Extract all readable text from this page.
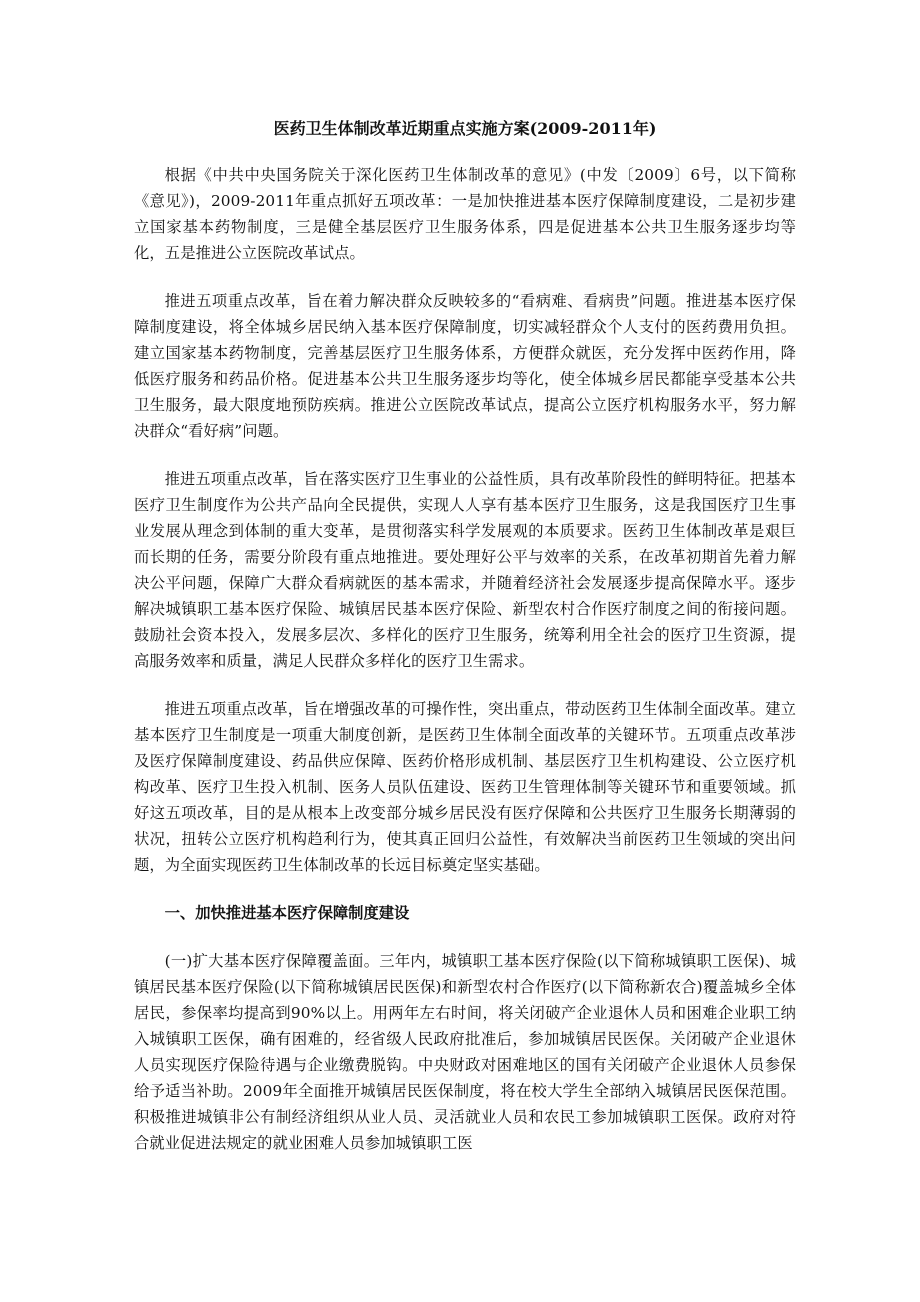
医药卫生体制改革近期重点实施方案(2009-2011年)

根据《中共中央国务院关于深化医药卫生体制改革的意见》(中发〔2009〕6号，以下简称《意见》)，2009-2011年重点抓好五项改革：一是加快推进基本医疗保障制度建设，二是初步建立国家基本药物制度，三是健全基层医疗卫生服务体系，四是促进基本公共卫生服务逐步均等化，五是推进公立医院改革试点。

推进五项重点改革，旨在着力解决群众反映较多的“看病难、看病贵”问题。推进基本医疗保障制度建设，将全体城乡居民纳入基本医疗保障制度，切实减轻群众个人支付的医药费用负担。建立国家基本药物制度，完善基层医疗卫生服务体系，方便群众就医，充分发挥中医药作用，降低医疗服务和药品价格。促进基本公共卫生服务逐步均等化，使全体城乡居民都能享受基本公共卫生服务，最大限度地预防疾病。推进公立医院改革试点，提高公立医疗机构服务水平，努力解决群众“看好病”问题。

推进五项重点改革，旨在落实医疗卫生事业的公益性质，具有改革阶段性的鲜明特征。把基本医疗卫生制度作为公共产品向全民提供，实现人人享有基本医疗卫生服务，这是我国医疗卫生事业发展从理念到体制的重大变革，是贯彻落实科学发展观的本质要求。医药卫生体制改革是艰巨而长期的任务，需要分阶段有重点地推进。要处理好公平与效率的关系，在改革初期首先着力解决公平问题，保障广大群众看病就医的基本需求，并随着经济社会发展逐步提高保障水平。逐步解决城镇职工基本医疗保险、城镇居民基本医疗保险、新型农村合作医疗制度之间的衔接问题。鼓励社会资本投入，发展多层次、多样化的医疗卫生服务，统筹利用全社会的医疗卫生资源，提高服务效率和质量，满足人民群众多样化的医疗卫生需求。

推进五项重点改革，旨在增强改革的可操作性，突出重点，带动医药卫生体制全面改革。建立基本医疗卫生制度是一项重大制度创新，是医药卫生体制全面改革的关键环节。五项重点改革涉及医疗保障制度建设、药品供应保障、医药价格形成机制、基层医疗卫生机构建设、公立医疗机构改革、医疗卫生投入机制、医务人员队伍建设、医药卫生管理体制等关键环节和重要领域。抓好这五项改革，目的是从根本上改变部分城乡居民没有医疗保障和公共医疗卫生服务长期薄弱的状况，扭转公立医疗机构趋利行为，使其真正回归公益性，有效解决当前医药卫生领域的突出问题，为全面实现医药卫生体制改革的长远目标奠定坚实基础。

一、加快推进基本医疗保障制度建设

(一)扩大基本医疗保障覆盖面。三年内，城镇职工基本医疗保险(以下简称城镇职工医保)、城镇居民基本医疗保险(以下简称城镇居民医保)和新型农村合作医疗(以下简称新农合)覆盖城乡全体居民，参保率均提高到90%以上。用两年左右时间，将关闭破产企业退休人员和困难企业职工纳入城镇职工医保，确有困难的，经省级人民政府批准后，参加城镇居民医保。关闭破产企业退休人员实现医疗保险待遇与企业缴费脱钩。中央财政对困难地区的国有关闭破产企业退休人员参保给予适当补助。2009年全面推开城镇居民医保制度，将在校大学生全部纳入城镇居民医保范围。积极推进城镇非公有制经济组织从业人员、灵活就业人员和农民工参加城镇职工医保。政府对符合就业促进法规定的就业困难人员参加城镇职工医
